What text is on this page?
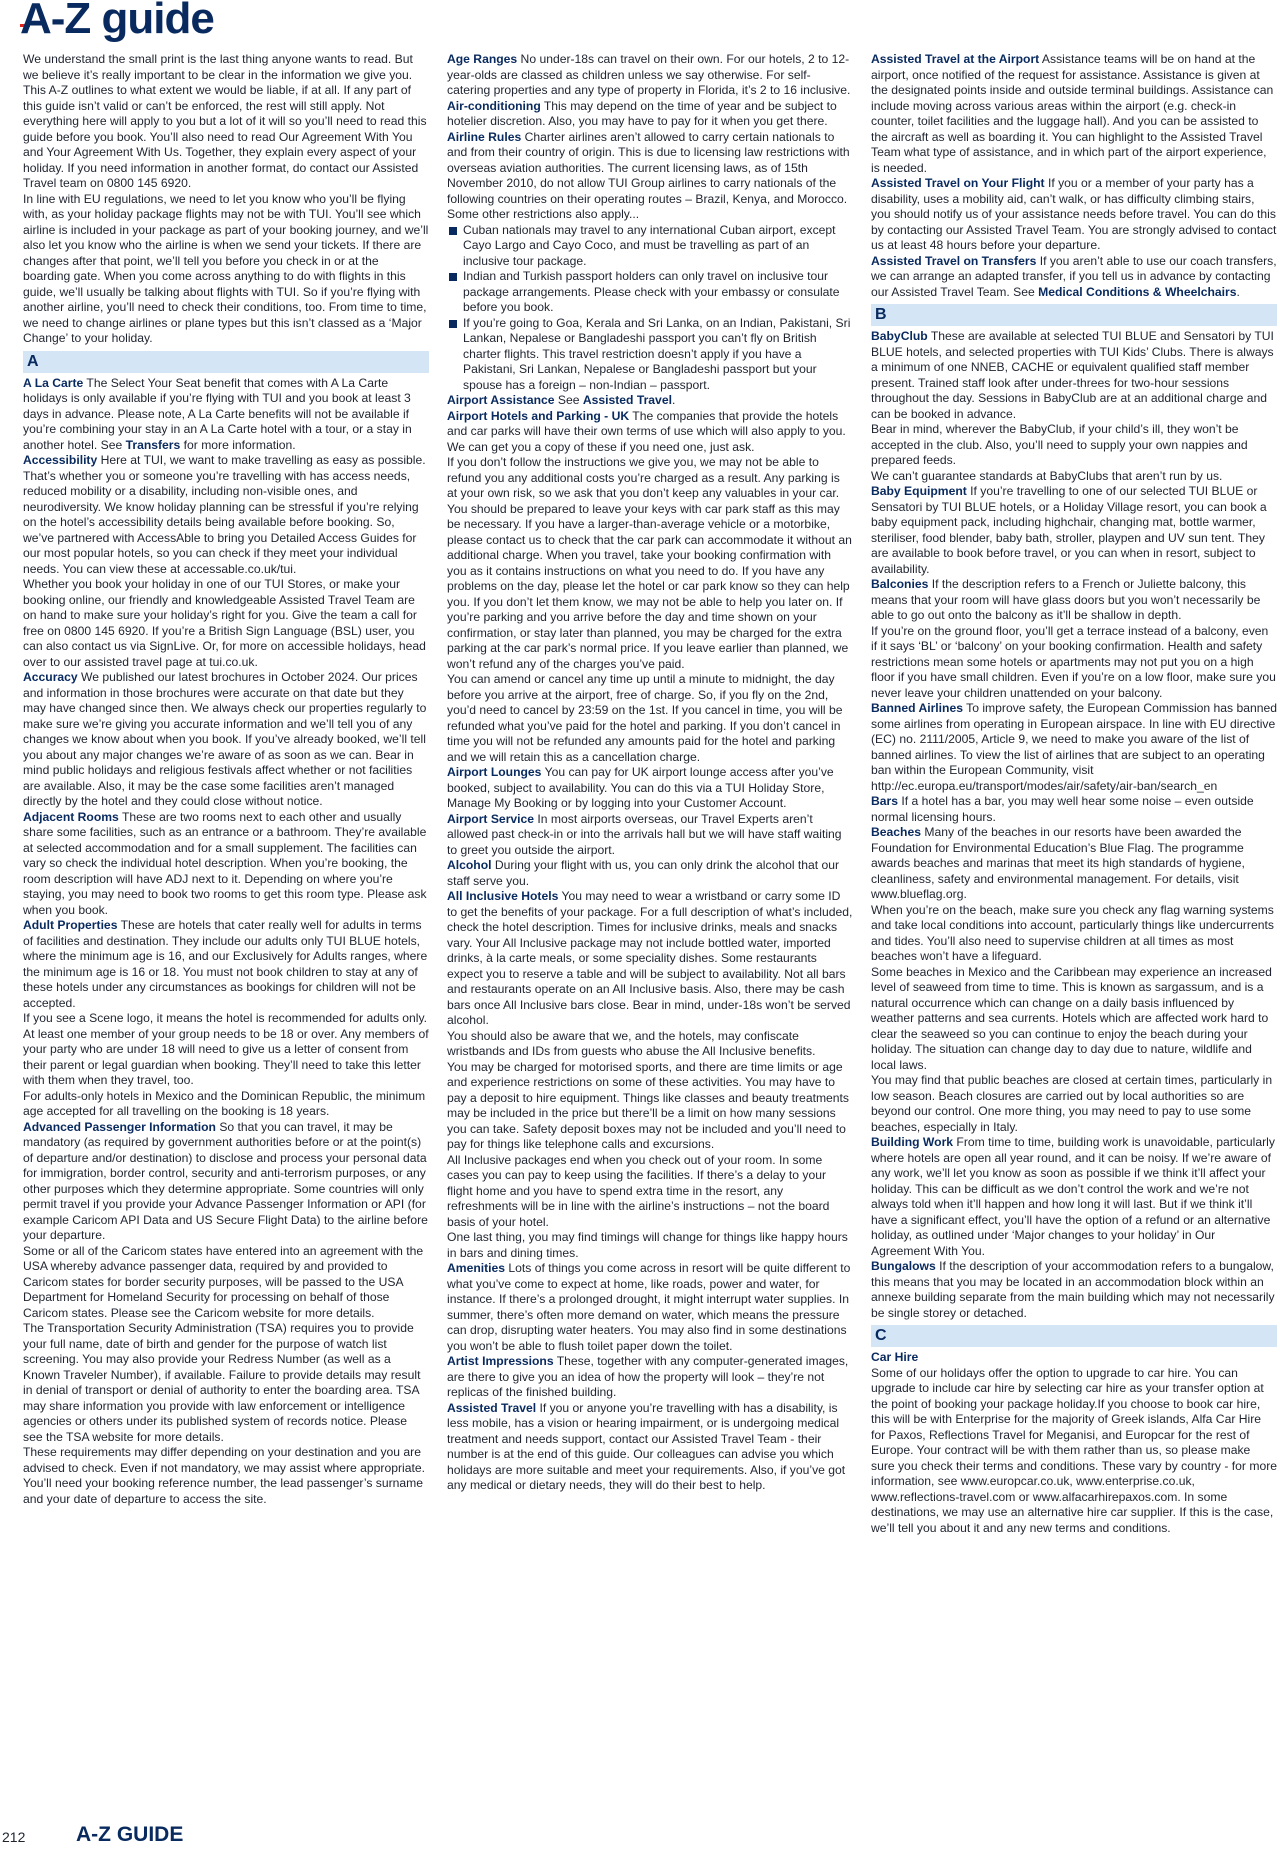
A-Z guide

We understand the small print is the last thing anyone wants to read. But we believe it’s really important to be clear in the information we give you. This A-Z outlines to what extent we would be liable, if at all. If any part of this guide isn’t valid or can’t be enforced, the rest will still apply. Not everything here will apply to you but a lot of it will so you’ll need to read this guide before you book. You’ll also need to read Our Agreement With You and Your Agreement With Us. Together, they explain every aspect of your holiday. If you need information in another format, do contact our Assisted Travel team on 0800 145 6920.

In line with EU regulations, we need to let you know who you’ll be flying with, as your holiday package flights may not be with TUI. You’ll see which airline is included in your package as part of your booking journey, and we’ll also let you know who the airline is when we send your tickets. If there are changes after that point, we’ll tell you before you check in or at the boarding gate. When you come across anything to do with flights in this guide, we’ll usually be talking about flights with TUI. So if you’re flying with another airline, you’ll need to check their conditions, too. From time to time, we need to change airlines or plane types but this isn’t classed as a ‘Major Change’ to your holiday.

A

A La Carte The Select Your Seat benefit that comes with A La Carte holidays is only available if you’re flying with TUI and you book at least 3 days in advance. Please note, A La Carte benefits will not be available if you’re combining your stay in an A La Carte hotel with a tour, or a stay in another hotel. See Transfers for more information.

Accessibility Here at TUI, we want to make travelling as easy as possible. That’s whether you or someone you’re travelling with has access needs, reduced mobility or a disability, including non-visible ones, and neurodiversity. We know holiday planning can be stressful if you’re relying on the hotel’s accessibility details being available before booking. So, we’ve partnered with AccessAble to bring you Detailed Access Guides for our most popular hotels, so you can check if they meet your individual needs. You can view these at accessable.co.uk/tui.

Whether you book your holiday in one of our TUI Stores, or make your booking online, our friendly and knowledgeable Assisted Travel Team are on hand to make sure your holiday’s right for you. Give the team a call for free on 0800 145 6920. If you’re a British Sign Language (BSL) user, you can also contact us via SignLive. Or, for more on accessible holidays, head over to our assisted travel page at tui.co.uk.

Accuracy We published our latest brochures in October 2024. Our prices and information in those brochures were accurate on that date but they may have changed since then. We always check our properties regularly to make sure we’re giving you accurate information and we’ll tell you of any changes we know about when you book. If you’ve already booked, we’ll tell you about any major changes we’re aware of as soon as we can. Bear in mind public holidays and religious festivals affect whether or not facilities are available. Also, it may be the case some facilities aren’t managed directly by the hotel and they could close without notice.

Adjacent Rooms These are two rooms next to each other and usually share some facilities, such as an entrance or a bathroom. They’re available at selected accommodation and for a small supplement. The facilities can vary so check the individual hotel description. When you’re booking, the room description will have ADJ next to it. Depending on where you’re staying, you may need to book two rooms to get this room type. Please ask when you book.

Adult Properties These are hotels that cater really well for adults in terms of facilities and destination. They include our adults only TUI BLUE hotels, where the minimum age is 16, and our Exclusively for Adults ranges, where the minimum age is 16 or 18. You must not book children to stay at any of these hotels under any circumstances as bookings for children will not be accepted.

If you see a Scene logo, it means the hotel is recommended for adults only. At least one member of your group needs to be 18 or over. Any members of your party who are under 18 will need to give us a letter of consent from their parent or legal guardian when booking. They’ll need to take this letter with them when they travel, too.

For adults-only hotels in Mexico and the Dominican Republic, the minimum age accepted for all travelling on the booking is 18 years.

Advanced Passenger Information So that you can travel, it may be mandatory (as required by government authorities before or at the point(s) of departure and/or destination) to disclose and process your personal data for immigration, border control, security and anti-terrorism purposes, or any other purposes which they determine appropriate. Some countries will only permit travel if you provide your Advance Passenger Information or API (for example Caricom API Data and US Secure Flight Data) to the airline before your departure.

Some or all of the Caricom states have entered into an agreement with the USA whereby advance passenger data, required by and provided to Caricom states for border security purposes, will be passed to the USA Department for Homeland Security for processing on behalf of those Caricom states. Please see the Caricom website for more details.

The Transportation Security Administration (TSA) requires you to provide your full name, date of birth and gender for the purpose of watch list screening. You may also provide your Redress Number (as well as a Known Traveler Number), if available. Failure to provide details may result in denial of transport or denial of authority to enter the boarding area. TSA may share information you provide with law enforcement or intelligence agencies or others under its published system of records notice. Please see the TSA website for more details.

These requirements may differ depending on your destination and you are advised to check. Even if not mandatory, we may assist where appropriate.

You’ll need your booking reference number, the lead passenger’s surname and your date of departure to access the site.

Age Ranges No under-18s can travel on their own. For our hotels, 2 to 12-year-olds are classed as children unless we say otherwise. For self-catering properties and any type of property in Florida, it’s 2 to 16 inclusive.

Air-conditioning This may depend on the time of year and be subject to hotelier discretion. Also, you may have to pay for it when you get there.

Airline Rules Charter airlines aren’t allowed to carry certain nationals to and from their country of origin. This is due to licensing law restrictions with overseas aviation authorities. The current licensing laws, as of 15th November 2010, do not allow TUI Group airlines to carry nationals of the following countries on their operating routes – Brazil, Kenya, and Morocco. Some other restrictions also apply...

Cuban nationals may travel to any international Cuban airport, except Cayo Largo and Cayo Coco, and must be travelling as part of an inclusive tour package.
Indian and Turkish passport holders can only travel on inclusive tour package arrangements. Please check with your embassy or consulate before you book.
If you’re going to Goa, Kerala and Sri Lanka, on an Indian, Pakistani, Sri Lankan, Nepalese or Bangladeshi passport you can’t fly on British charter flights. This travel restriction doesn’t apply if you have a Pakistani, Sri Lankan, Nepalese or Bangladeshi passport but your spouse has a foreign – non-Indian – passport.

Airport Assistance See Assisted Travel.

Airport Hotels and Parking - UK The companies that provide the hotels and car parks will have their own terms of use which will also apply to you. We can get you a copy of these if you need one, just ask.

If you don’t follow the instructions we give you, we may not be able to refund you any additional costs you’re charged as a result. Any parking is at your own risk, so we ask that you don’t keep any valuables in your car. You should be prepared to leave your keys with car park staff as this may be necessary. If you have a larger-than-average vehicle or a motorbike, please contact us to check that the car park can accommodate it without an additional charge. When you travel, take your booking confirmation with you as it contains instructions on what you need to do. If you have any problems on the day, please let the hotel or car park know so they can help you. If you don’t let them know, we may not be able to help you later on. If you’re parking and you arrive before the day and time shown on your confirmation, or stay later than planned, you may be charged for the extra parking at the car park’s normal price. If you leave earlier than planned, we won’t refund any of the charges you’ve paid.

You can amend or cancel any time up until a minute to midnight, the day before you arrive at the airport, free of charge. So, if you fly on the 2nd, you’d need to cancel by 23:59 on the 1st. If you cancel in time, you will be refunded what you’ve paid for the hotel and parking. If you don’t cancel in time you will not be refunded any amounts paid for the hotel and parking and we will retain this as a cancellation charge.

Airport Lounges You can pay for UK airport lounge access after you’ve booked, subject to availability. You can do this via a TUI Holiday Store, Manage My Booking or by logging into your Customer Account.

Airport Service In most airports overseas, our Travel Experts aren’t allowed past check-in or into the arrivals hall but we will have staff waiting to greet you outside the airport.

Alcohol During your flight with us, you can only drink the alcohol that our staff serve you.

All Inclusive Hotels You may need to wear a wristband or carry some ID to get the benefits of your package. For a full description of what’s included, check the hotel description. Times for inclusive drinks, meals and snacks vary. Your All Inclusive package may not include bottled water, imported drinks, à la carte meals, or some speciality dishes. Some restaurants expect you to reserve a table and will be subject to availability. Not all bars and restaurants operate on an All Inclusive basis. Also, there may be cash bars once All Inclusive bars close. Bear in mind, under-18s won’t be served alcohol.

You should also be aware that we, and the hotels, may confiscate wristbands and IDs from guests who abuse the All Inclusive benefits.

You may be charged for motorised sports, and there are time limits or age and experience restrictions on some of these activities. You may have to pay a deposit to hire equipment. Things like classes and beauty treatments may be included in the price but there’ll be a limit on how many sessions you can take. Safety deposit boxes may not be included and you’ll need to pay for things like telephone calls and excursions.

All Inclusive packages end when you check out of your room. In some cases you can pay to keep using the facilities. If there’s a delay to your flight home and you have to spend extra time in the resort, any refreshments will be in line with the airline’s instructions – not the board basis of your hotel.

One last thing, you may find timings will change for things like happy hours in bars and dining times.

Amenities Lots of things you come across in resort will be quite different to what you’ve come to expect at home, like roads, power and water, for instance. If there’s a prolonged drought, it might interrupt water supplies. In summer, there’s often more demand on water, which means the pressure can drop, disrupting water heaters. You may also find in some destinations you won’t be able to flush toilet paper down the toilet.

Artist Impressions These, together with any computer-generated images, are there to give you an idea of how the property will look – they’re not replicas of the finished building.

Assisted Travel If you or anyone you’re travelling with has a disability, is less mobile, has a vision or hearing impairment, or is undergoing medical treatment and needs support, contact our Assisted Travel Team - their number is at the end of this guide. Our colleagues can advise you which holidays are more suitable and meet your requirements. Also, if you’ve got any medical or dietary needs, they will do their best to help.

Assisted Travel at the Airport Assistance teams will be on hand at the airport, once notified of the request for assistance. Assistance is given at the designated points inside and outside terminal buildings. Assistance can include moving across various areas within the airport (e.g. check-in counter, toilet facilities and the luggage hall). And you can be assisted to the aircraft as well as boarding it. You can highlight to the Assisted Travel Team what type of assistance, and in which part of the airport experience, is needed.

Assisted Travel on Your Flight If you or a member of your party has a disability, uses a mobility aid, can’t walk, or has difficulty climbing stairs, you should notify us of your assistance needs before travel. You can do this by contacting our Assisted Travel Team. You are strongly advised to contact us at least 48 hours before your departure.

Assisted Travel on Transfers If you aren’t able to use our coach transfers, we can arrange an adapted transfer, if you tell us in advance by contacting our Assisted Travel Team. See Medical Conditions & Wheelchairs.

B

BabyClub These are available at selected TUI BLUE and Sensatori by TUI BLUE hotels, and selected properties with TUI Kids’ Clubs. There is always a minimum of one NNEB, CACHE or equivalent qualified staff member present. Trained staff look after under-threes for two-hour sessions throughout the day. Sessions in BabyClub are at an additional charge and can be booked in advance.

Bear in mind, wherever the BabyClub, if your child’s ill, they won’t be accepted in the club. Also, you’ll need to supply your own nappies and prepared feeds.

We can’t guarantee standards at BabyClubs that aren’t run by us.

Baby Equipment If you’re travelling to one of our selected TUI BLUE or Sensatori by TUI BLUE hotels, or a Holiday Village resort, you can book a baby equipment pack, including highchair, changing mat, bottle warmer, steriliser, food blender, baby bath, stroller, playpen and UV sun tent. They are available to book before travel, or you can when in resort, subject to availability.

Balconies If the description refers to a French or Juliette balcony, this means that your room will have glass doors but you won’t necessarily be able to go out onto the balcony as it’ll be shallow in depth.

If you’re on the ground floor, you’ll get a terrace instead of a balcony, even if it says ‘BL’ or ‘balcony’ on your booking confirmation. Health and safety restrictions mean some hotels or apartments may not put you on a high floor if you have small children. Even if you’re on a low floor, make sure you never leave your children unattended on your balcony.

Banned Airlines To improve safety, the European Commission has banned some airlines from operating in European airspace. In line with EU directive (EC) no. 2111/2005, Article 9, we need to make you aware of the list of banned airlines. To view the list of airlines that are subject to an operating ban within the European Community, visit http://ec.europa.eu/transport/modes/air/safety/air-ban/search_en

Bars If a hotel has a bar, you may well hear some noise – even outside normal licensing hours.

Beaches Many of the beaches in our resorts have been awarded the Foundation for Environmental Education’s Blue Flag. The programme awards beaches and marinas that meet its high standards of hygiene, cleanliness, safety and environmental management. For details, visit www.blueflag.org.

When you’re on the beach, make sure you check any flag warning systems and take local conditions into account, particularly things like undercurrents and tides. You’ll also need to supervise children at all times as most beaches won’t have a lifeguard.

Some beaches in Mexico and the Caribbean may experience an increased level of seaweed from time to time. This is known as sargassum, and is a natural occurrence which can change on a daily basis influenced by weather patterns and sea currents. Hotels which are affected work hard to clear the seaweed so you can continue to enjoy the beach during your holiday. The situation can change day to day due to nature, wildlife and local laws.

You may find that public beaches are closed at certain times, particularly in low season. Beach closures are carried out by local authorities so are beyond our control. One more thing, you may need to pay to use some beaches, especially in Italy.

Building Work From time to time, building work is unavoidable, particularly where hotels are open all year round, and it can be noisy. If we’re aware of any work, we’ll let you know as soon as possible if we think it’ll affect your holiday. This can be difficult as we don’t control the work and we’re not always told when it’ll happen and how long it will last. But if we think it’ll have a significant effect, you’ll have the option of a refund or an alternative holiday, as outlined under ‘Major changes to your holiday’ in Our Agreement With You.

Bungalows If the description of your accommodation refers to a bungalow, this means that you may be located in an accommodation block within an annexe building separate from the main building which may not necessarily be single storey or detached.

C

Car Hire

Some of our holidays offer the option to upgrade to car hire. You can upgrade to include car hire by selecting car hire as your transfer option at the point of booking your package holiday.If you choose to book car hire, this will be with Enterprise for the majority of Greek islands, Alfa Car Hire for Paxos, Reflections Travel for Meganisi, and Europcar for the rest of Europe. Your contract will be with them rather than us, so please make sure you check their terms and conditions. These vary by country - for more information, see www.europcar.co.uk, www.enterprise.co.uk, www.reflections-travel.com or www.alfacarhirepaxos.com. In some destinations, we may use an alternative hire car supplier. If this is the case, we’ll tell you about it and any new terms and conditions.

212 A-Z GUIDE
